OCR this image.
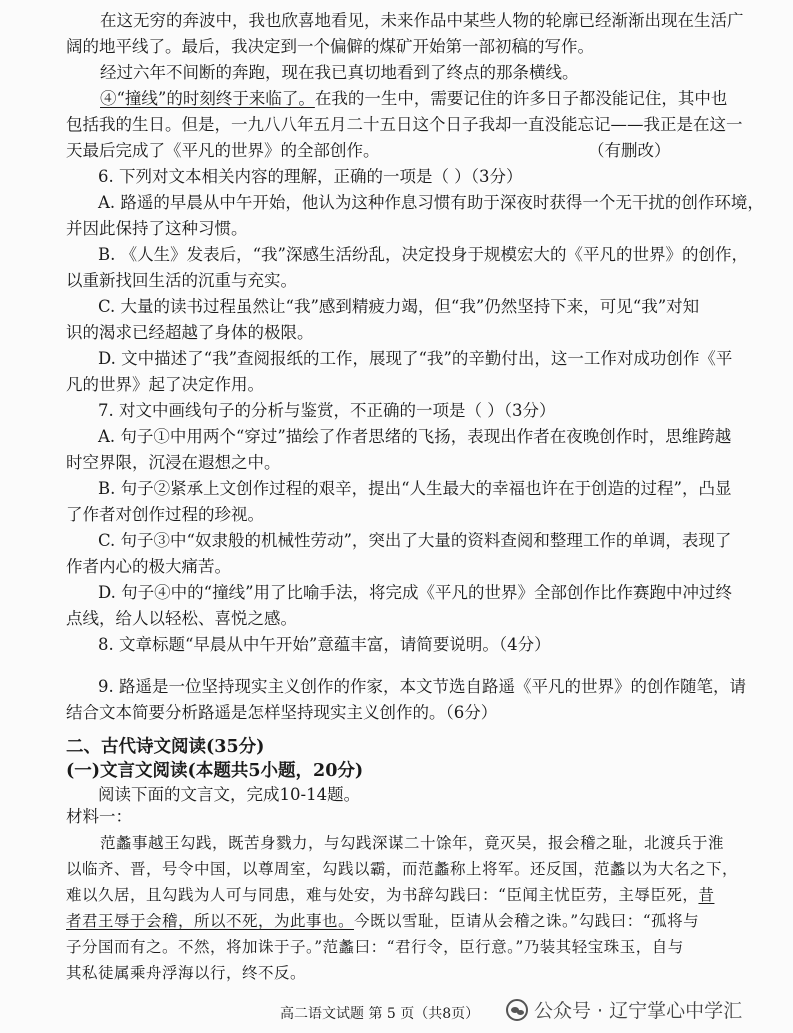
在这无穷的奔波中，我也欣喜地看见，未来作品中某些人物的轮廓已经渐渐出现在生活广
阔的地平线了。最后，我决定到一个偏僻的煤矿开始第一部初稿的写作。
经过六年不间断的奔跑，现在我已真切地看到了终点的那条横线。
④“撞线”的时刻终于来临了。在我的一生中，需要记住的许多日子都没能记住，其中也
包括我的生日。但是，一九八八年五月二十五日这个日子我却一直没能忘记——我正是在这一
天最后完成了《平凡的世界》的全部创作。	（有删改）
6. 下列对文本相关内容的理解，正确的一项是（ ）（3分）
A. 路遥的早晨从中午开始，他认为这种作息习惯有助于深夜时获得一个无干扰的创作环境，
并因此保持了这种习惯。
B. 《人生》发表后，“我”深感生活纷乱，决定投身于规模宏大的《平凡的世界》的创作，
以重新找回生活的沉重与充实。
C. 大量的读书过程虽然让“我”感到精疲力竭，但“我”仍然坚持下来，可见“我”对知
识的渴求已经超越了身体的极限。
D. 文中描述了“我”查阅报纸的工作，展现了“我”的辛勤付出，这一工作对成功创作《平
凡的世界》起了决定作用。
7. 对文中画线句子的分析与鉴赏，不正确的一项是（ ）（3分）
A. 句子①中用两个“穿过”描绘了作者思绪的飞扬，表现出作者在夜晚创作时，思维跨越
时空界限，沉浸在遐想之中。
B. 句子②紧承上文创作过程的艰辛，提出“人生最大的幸福也许在于创造的过程”，凸显
了作者对创作过程的珍视。
C. 句子③中“奴隶般的机械性劳动”，突出了大量的资料查阅和整理工作的单调，表现了
作者内心的极大痛苦。
D. 句子④中的“撞线”用了比喻手法，将完成《平凡的世界》全部创作比作赛跑中冲过终
点线，给人以轻松、喜悦之感。
8. 文章标题“早晨从中午开始”意蕴丰富，请简要说明。（4分）
9. 路遥是一位坚持现实主义创作的作家，本文节选自路遥《平凡的世界》的创作随笔，请
结合文本简要分析路遥是怎样坚持现实主义创作的。（6分）
二、古代诗文阅读(35分)
(一)文言文阅读(本题共5小题，20分)
阅读下面的文言文，完成10-14题。
材料一：
范蠡事越王勾践，既苦身戮力，与勾践深谋二十馀年，竟灭吴，报会稽之耻，北渡兵于淮
以临齐、晋，号令中国，以尊周室，勾践以霸，而范蠡称上将军。还反国，范蠡以为大名之下，
难以久居，且勾践为人可与同患，难与处安，为书辞勾践曰：“臣闻主忧臣劳，主辱臣死，昔
者君王辱于会稽，所以不死，为此事也。今既以雪耻，臣请从会稽之诛。”勾践曰：“孤将与
子分国而有之。不然，将加诛于子。”范蠡曰：“君行令，臣行意。”乃装其轻宝珠玉，自与
其私徒属乘舟浮海以行，终不反。
高二语文试题 第 5 页（共8页）	公众号 · 辽宁掌心中学汇
